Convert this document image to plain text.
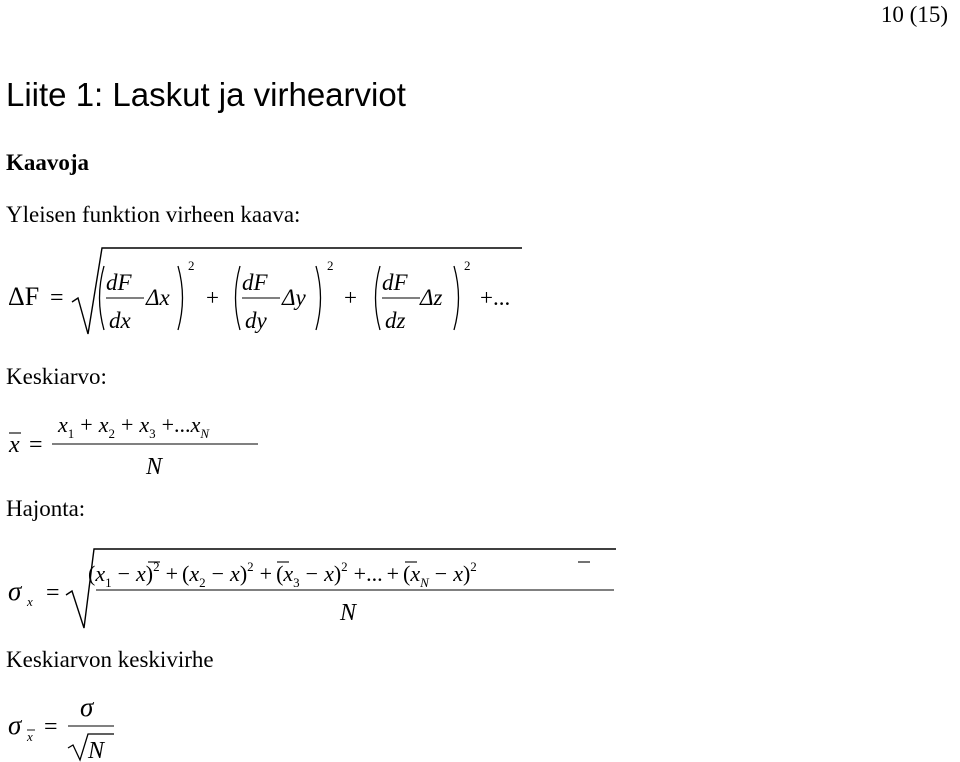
10 (15)
Liite 1: Laskut ja virhearviot
Kaavoja
Yleisen funktion virheen kaava:
Keskiarvo:
Hajonta:
Keskiarvon keskivirhe
ΔF =
dF
dx
Δx
2
+
dF
dy
Δy
2
+
dF
dz
Δz
2
+...
x =
$x_1 + x_2 + x_3 +...x_N$
N
σ x =
$(x_1 - x)^2 + (x_2 - x)^2 + (x_3 - x)^2$ +... + $(x_N - x)^2$
N
σ x =
σ
N
